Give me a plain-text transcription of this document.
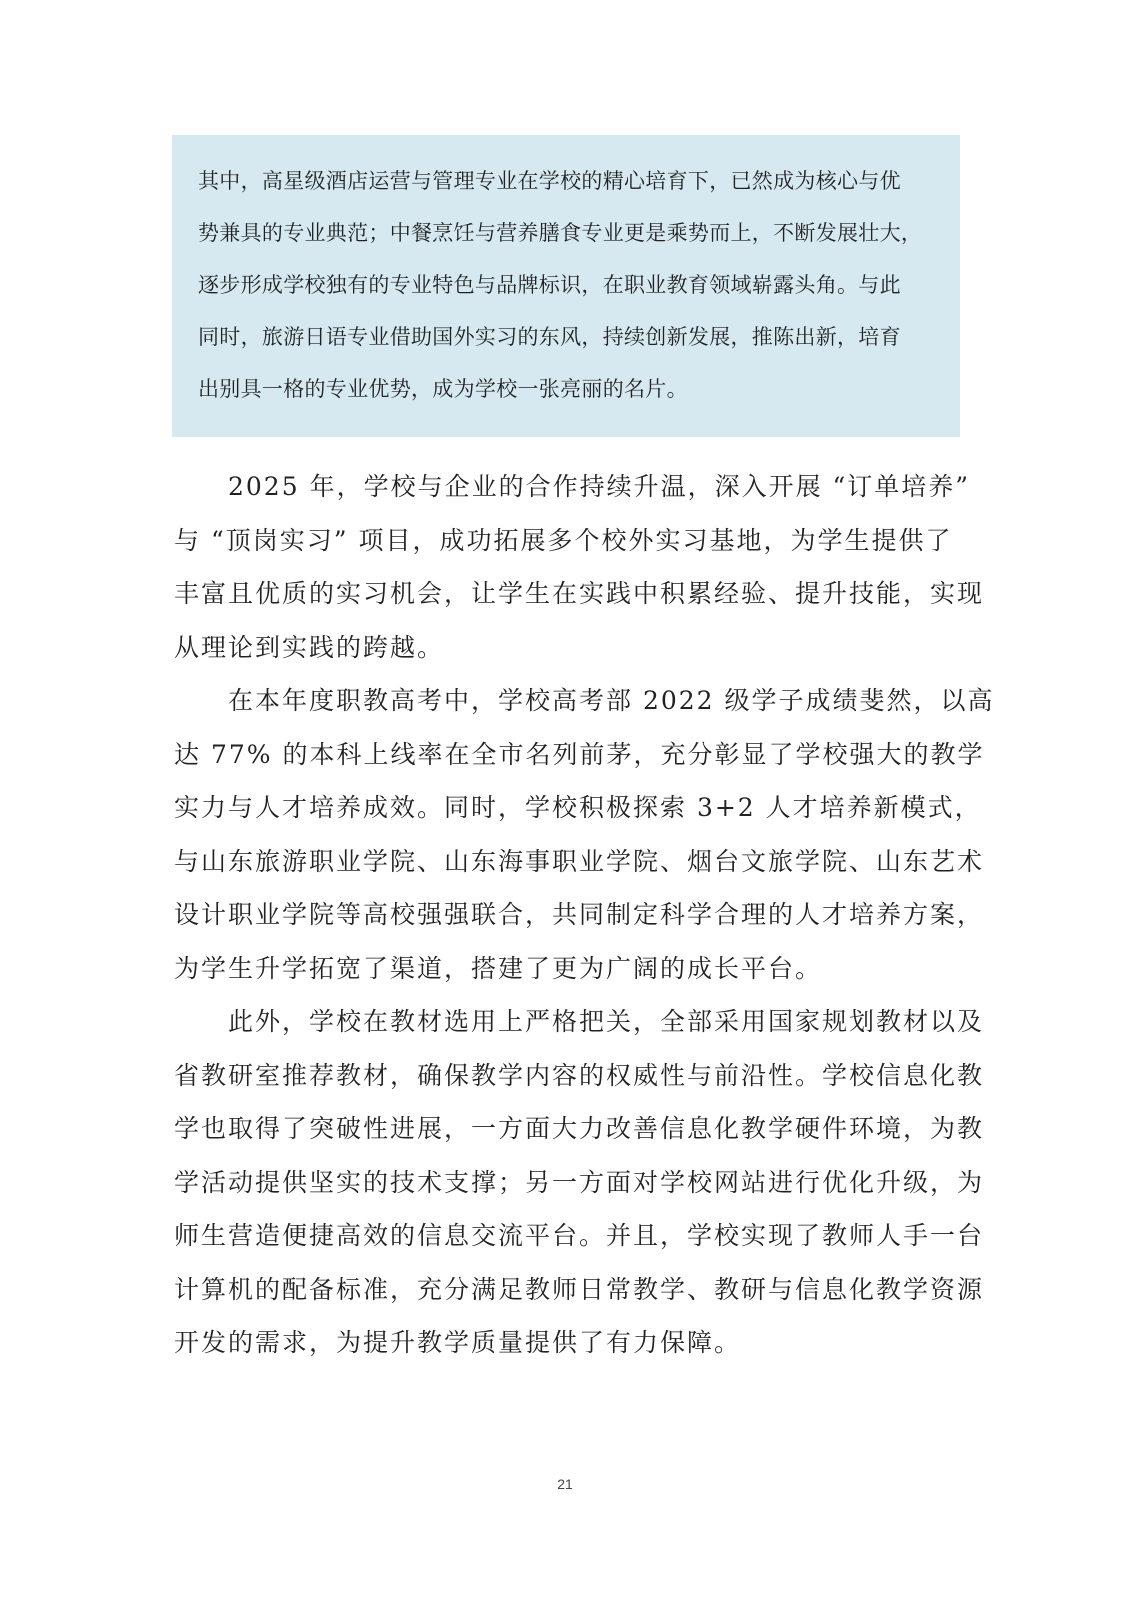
其中，高星级酒店运营与管理专业在学校的精心培育下，已然成为核心与优
势兼具的专业典范；中餐烹饪与营养膳食专业更是乘势而上，不断发展壮大，
逐步形成学校独有的专业特色与品牌标识，在职业教育领域崭露头角。与此
同时，旅游日语专业借助国外实习的东风，持续创新发展，推陈出新，培育
出别具一格的专业优势，成为学校一张亮丽的名片。
　　2025 年，学校与企业的合作持续升温，深入开展 “订单培养”
与 “顶岗实习” 项目，成功拓展多个校外实习基地，为学生提供了
丰富且优质的实习机会，让学生在实践中积累经验、提升技能，实现
从理论到实践的跨越。
　　在本年度职教高考中，学校高考部 2022 级学子成绩斐然，以高
达 77% 的本科上线率在全市名列前茅，充分彰显了学校强大的教学
实力与人才培养成效。同时，学校积极探索 3+2 人才培养新模式，
与山东旅游职业学院、山东海事职业学院、烟台文旅学院、山东艺术
设计职业学院等高校强强联合，共同制定科学合理的人才培养方案，
为学生升学拓宽了渠道，搭建了更为广阔的成长平台。
　　此外，学校在教材选用上严格把关，全部采用国家规划教材以及
省教研室推荐教材，确保教学内容的权威性与前沿性。学校信息化教
学也取得了突破性进展，一方面大力改善信息化教学硬件环境，为教
学活动提供坚实的技术支撑；另一方面对学校网站进行优化升级，为
师生营造便捷高效的信息交流平台。并且，学校实现了教师人手一台
计算机的配备标准，充分满足教师日常教学、教研与信息化教学资源
开发的需求，为提升教学质量提供了有力保障。
21
